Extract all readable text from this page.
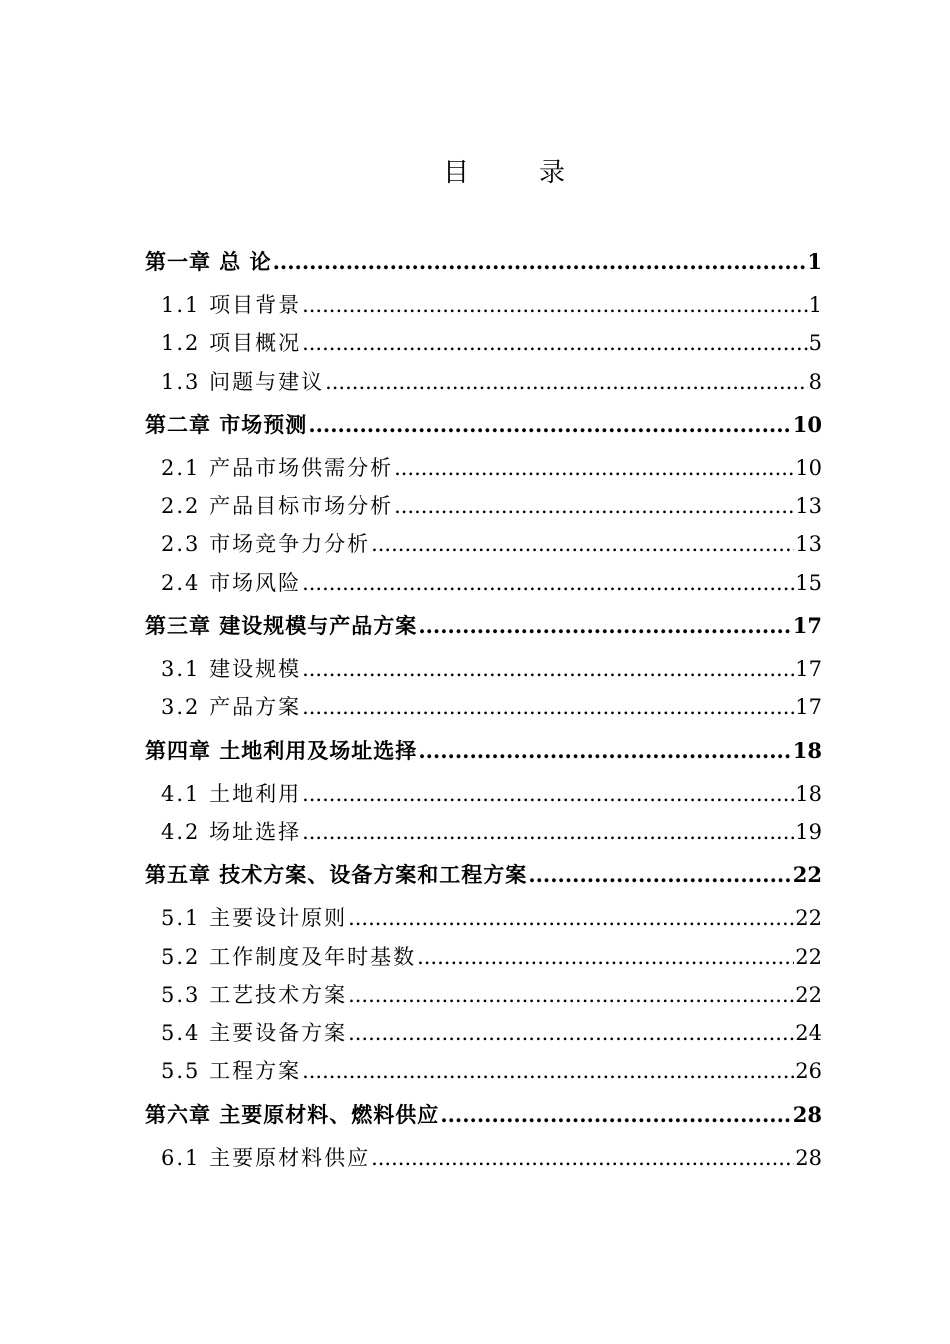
目　录
第一章 总 论 .....	1
1.1 项目背景 .....	1
1.2 项目概况 .....	5
1.3 问题与建议 .....	8
第二章 市场预测 .....	10
2.1 产品市场供需分析 .....	10
2.2 产品目标市场分析 .....	13
2.3 市场竞争力分析 .....	13
2.4 市场风险 .....	15
第三章 建设规模与产品方案 .....	17
3.1 建设规模 .....	17
3.2 产品方案 .....	17
第四章 土地利用及场址选择 .....	18
4.1 土地利用 .....	18
4.2 场址选择 .....	19
第五章 技术方案、设备方案和工程方案 .....	22
5.1 主要设计原则 .....	22
5.2 工作制度及年时基数 .....	22
5.3 工艺技术方案 .....	22
5.4 主要设备方案 .....	24
5.5 工程方案 .....	26
第六章 主要原材料、燃料供应 .....	28
6.1 主要原材料供应 .....	28
